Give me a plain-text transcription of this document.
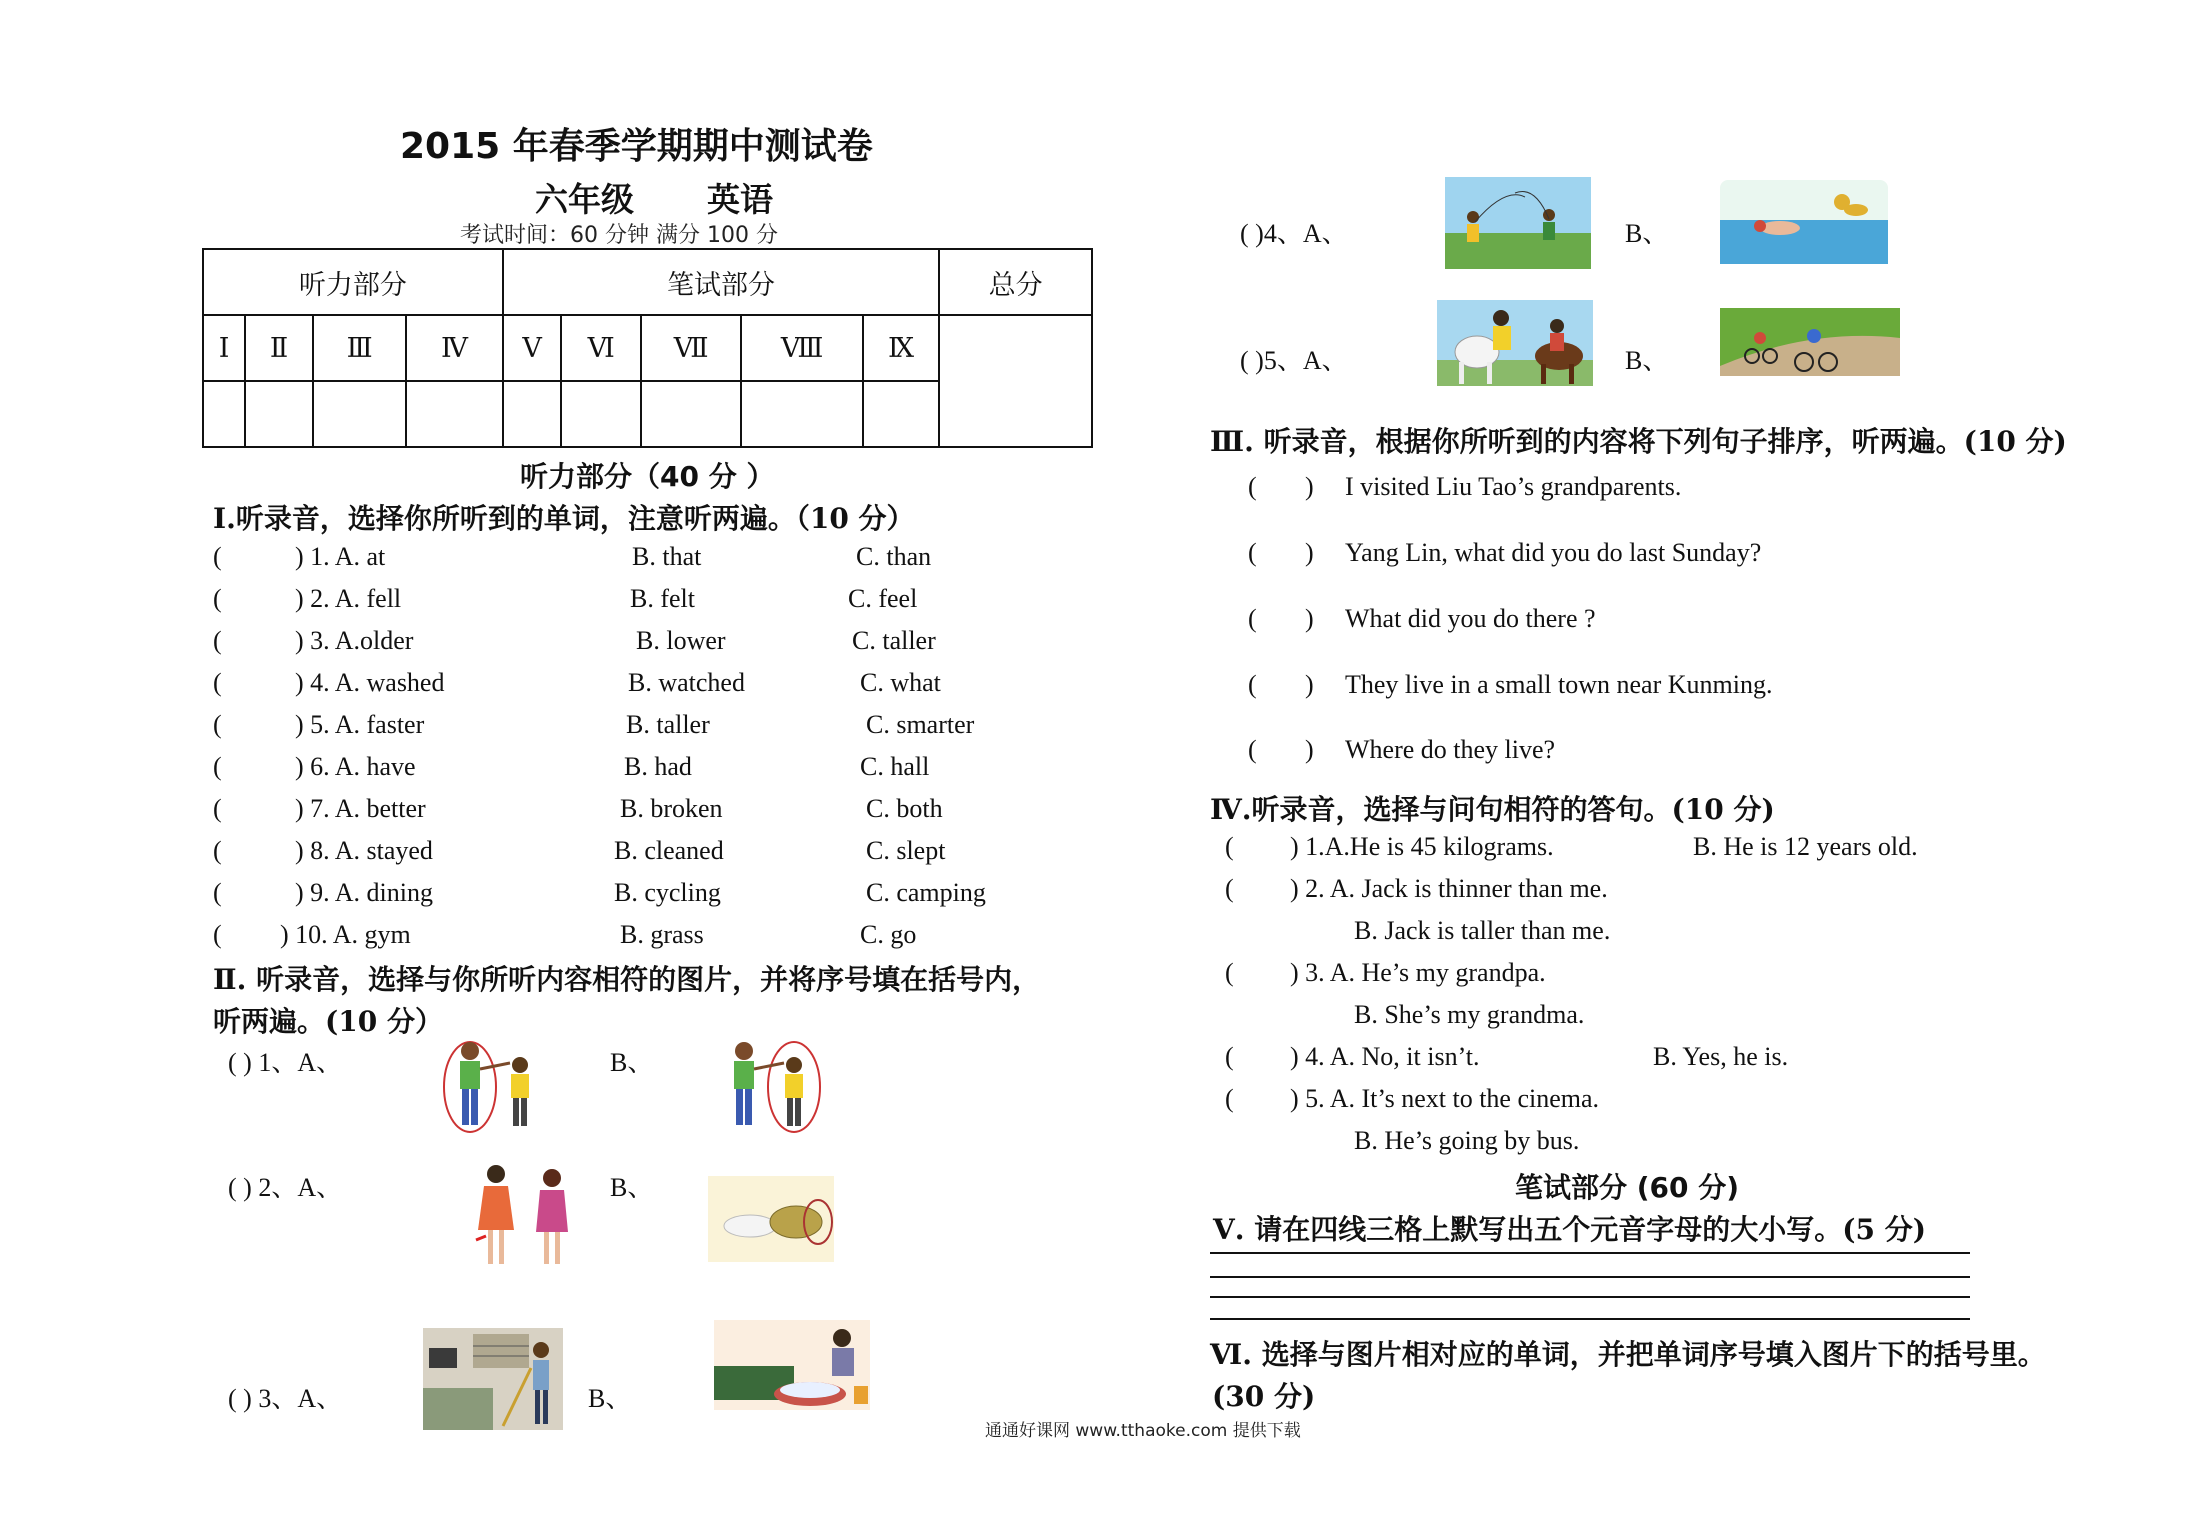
2015 年春季学期期中测试卷
六年级 英语
考试时间：60 分钟 满分 100 分
听力部分				笔试部分					总分
Ⅰ	Ⅱ	Ⅲ	Ⅳ	Ⅴ	Ⅵ	Ⅶ	Ⅷ	Ⅸ	

听力部分（40 分 ）
Ⅰ.听录音，选择你所听到的单词，注意听两遍。（10 分）
(	) 1. A. at	B. that	C. than
(	) 2. A. fell	B. felt	C. feel
(	) 3. A.older	B. lower	C. taller
(	) 4. A. washed	B. watched	C. what
(	) 5. A. faster	B. taller	C. smarter
(	) 6. A. have	B. had	C. hall
(	) 7. A. better	B. broken	C. both
(	) 8. A. stayed	B. cleaned	C. slept
(	) 9. A. dining	B. cycling	C. camping
( ) 10. A. gym	B. grass	C. go
Ⅱ. 听录音，选择与你所听内容相符的图片，并将序号填在括号内，
听两遍。(10 分）
( ) 1、A、	B、
( ) 2、A、	B、
( ) 3、A、	B、
( )4、A、	B、
( )5、A、	B、
Ⅲ. 听录音，根据你所听到的内容将下列句子排序，听两遍。(10 分)
( ) I visited Liu Tao’s grandparents.
( ) Yang Lin, what did you do last Sunday?
( ) What did you do there ?
( ) They live in a small town near Kunming.
( ) Where do they live?
Ⅳ.听录音，选择与问句相符的答句。(10 分)
( ) 1.A.He is 45 kilograms.	B. He is 12 years old.
( ) 2. A. Jack is thinner than me.
B. Jack is taller than me.
( ) 3. A. He’s my grandpa.
B. She’s my grandma.
( ) 4. A. No, it isn’t.	B. Yes, he is.
( ) 5. A. It’s next to the cinema.
B. He’s going by bus.
笔试部分 (60 分)
Ⅴ. 请在四线三格上默写出五个元音字母的大小写。(5 分)
Ⅵ. 选择与图片相对应的单词，并把单词序号填入图片下的括号里。
(30 分)
通通好课网 www.tthaoke.com 提供下载
